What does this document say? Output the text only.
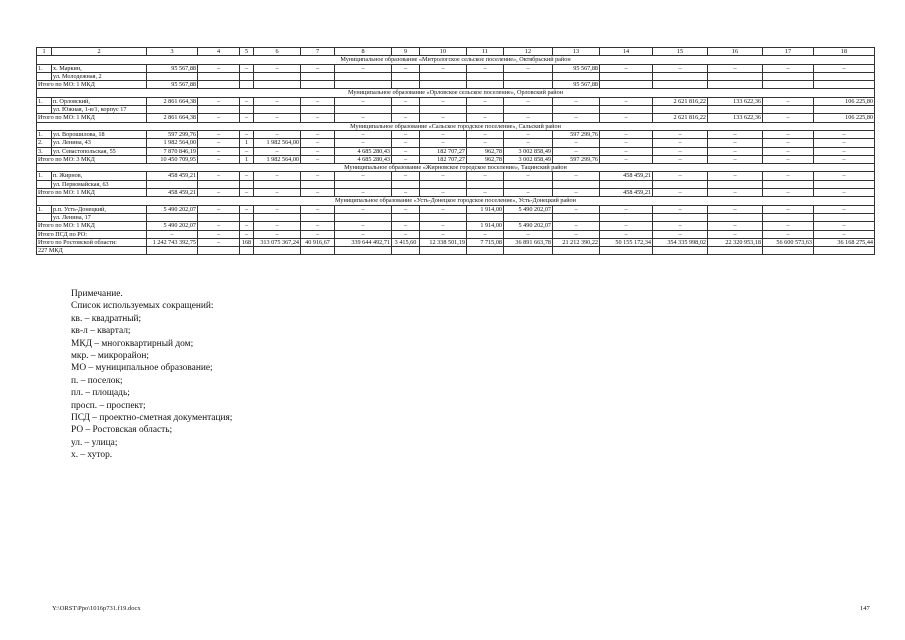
1	2	3	4	5	6	7	8	9	10	11	12	13	14	15	16	17	18
Муниципальное образование «Митрологское сельское поселение», Октябрьский район																	
1.	х. Маркин,	95 567,88	–	–	–	–	–	–	–	–	–	95 567,88	–	–	–	–	–
	ул. Молодежная, 2																
Итого по МО: 1 МКД		95 567,88										95 567,88					
Муниципальное образование «Орловское сельское поселение», Орловский район																	
1.	п. Орловский,	2 861 664,38	–	–	–	–	–	–	–	–	–	–	–	2 621 816,22	133 622,36	–	106 225,80
	ул. Южная, 1-в/1, корпус 17																
Итого по МО: 1 МКД		2 861 664,38	–	–	–	–	–	–	–	–	–	–	–	2 621 816,22	133 622,36	–	106 225,80
Муниципальное образование «Сальское городское поселение», Сальский район																	
1.	ул. Ворошилова, 18	597 299,76	–	–	–	–	–	–	–	–	–	597 299,76	–	–	–	–	–
2.	ул. Ленина, 43	1 982 564,00	–	1	1 982 564,00	–	–	–	–	–	–	–	–	–	–	–	–
3.	ул. Севастопольская, 55	7 870 846,19	–	–	–	–	4 685 280,43	–	182 707,27	962,78	3 002 858,49	–	–	–	–	–	–
Итого по МО: 3 МКД		10 450 709,95	–	1	1 982 564,00	–	4 685 280,43	–	182 707,27	962,78	3 002 858,49	597 299,76	–	–	–	–	–
Муниципальное образование «Жирновское городское поселение», Тацинский район																	
1.	п. Жирнов,	458 459,21	–	–	–	–	–	–	–	–	–	–	458 459,21	–	–	–	–
	ул. Первомайская, 63																
Итого по МО: 1 МКД		458 459,21	–	–	–	–	–	–	–	–	–	–	458 459,21	–	–	–	–
Муниципальное образование «Усть-Донецкое городское поселение», Усть-Донецкий район																	
1.	р.п. Усть-Донецкий,	5 490 202,07	–	–	–	–	–	–	–	1 914,00	5 490 202,07	–	–	–	–	–	–
	ул. Ленина, 17																
Итого по МО: 1 МКД		5 490 202,07	–	–	–	–	–	–	–	1 914,00	5 490 202,07	–	–	–	–	–	–
Итого ПСД по РО:		–	–	–	–	–	–	–	–	–	–	–	–	–	–	–	–
Итого по Ростовской области:		1 242 743 392,75	–	168	313 075 367,24	40 916,67	339 644 492,71	3 415,60	12 338 501,19	7 715,08	36 891 663,78	21 212 390,22	50 155 172,34	354 335 998,02	22 320 953,18	56 600 573,63	36 168 275,44
227 МКД																	
Примечание.
Список используемых сокращений:
кв. – квадратный;
кв-л – квартал;
МКД – многоквартирный дом;
мкр. – микрорайон;
МО – муниципальное образование;
п. – поселок;
пл. – площадь;
просп. – проспект;
ПСД – проектно-сметная документация;
РО – Ростовская область;
ул. – улица;
х. – хутор.
Y:\ORST\Ppo\1016p731.f19.docx	147
